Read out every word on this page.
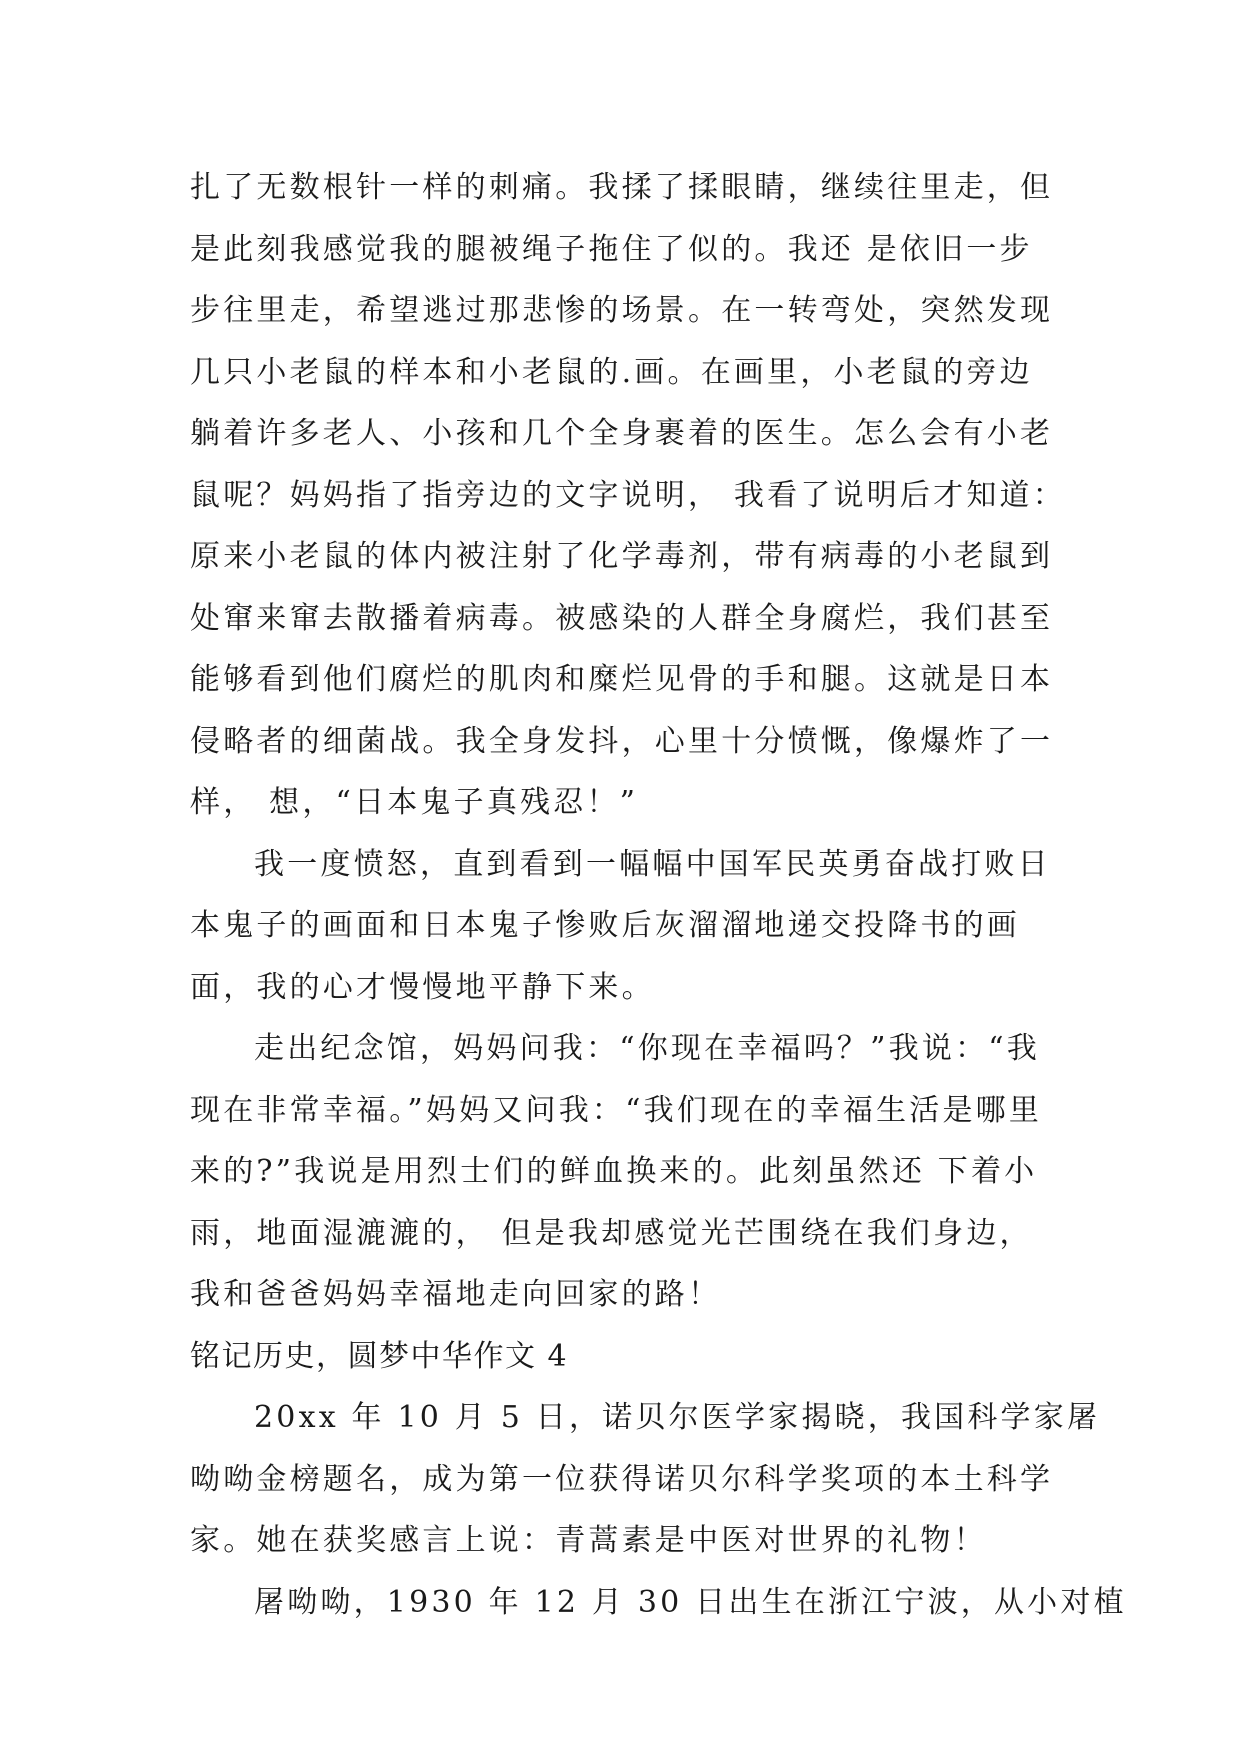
扎了无数根针一样的刺痛。我揉了揉眼睛，继续往里走，但
是此刻我感觉我的腿被绳子拖住了似的。我还 是依旧一步
步往里走，希望逃过那悲惨的场景。在一转弯处，突然发现
几只小老鼠的样本和小老鼠的.画。在画里，小老鼠的旁边
躺着许多老人、小孩和几个全身裹着的医生。怎么会有小老
鼠呢？妈妈指了指旁边的文字说明， 我看了说明后才知道：
原来小老鼠的体内被注射了化学毒剂，带有病毒的小老鼠到
处窜来窜去散播着病毒。被感染的人群全身腐烂，我们甚至
能够看到他们腐烂的肌肉和糜烂见骨的手和腿。这就是日本
侵略者的细菌战。我全身发抖，心里十分愤慨，像爆炸了一
样， 想，“日本鬼子真残忍！”
我一度愤怒，直到看到一幅幅中国军民英勇奋战打败日
本鬼子的画面和日本鬼子惨败后灰溜溜地递交投降书的画
面，我的心才慢慢地平静下来。
走出纪念馆，妈妈问我：“你现在幸福吗？”我说：“我
现在非常幸福。”妈妈又问我：“我们现在的幸福生活是哪里
来的?”我说是用烈士们的鲜血换来的。此刻虽然还 下着小
雨，地面湿漉漉的， 但是我却感觉光芒围绕在我们身边，
我和爸爸妈妈幸福地走向回家的路！
铭记历史，圆梦中华作文 4
20xx 年 10 月 5 日，诺贝尔医学家揭晓，我国科学家屠
呦呦金榜题名，成为第一位获得诺贝尔科学奖项的本土科学
家。她在获奖感言上说：青蒿素是中医对世界的礼物！
屠呦呦，1930 年 12 月 30 日出生在浙江宁波，从小对植
